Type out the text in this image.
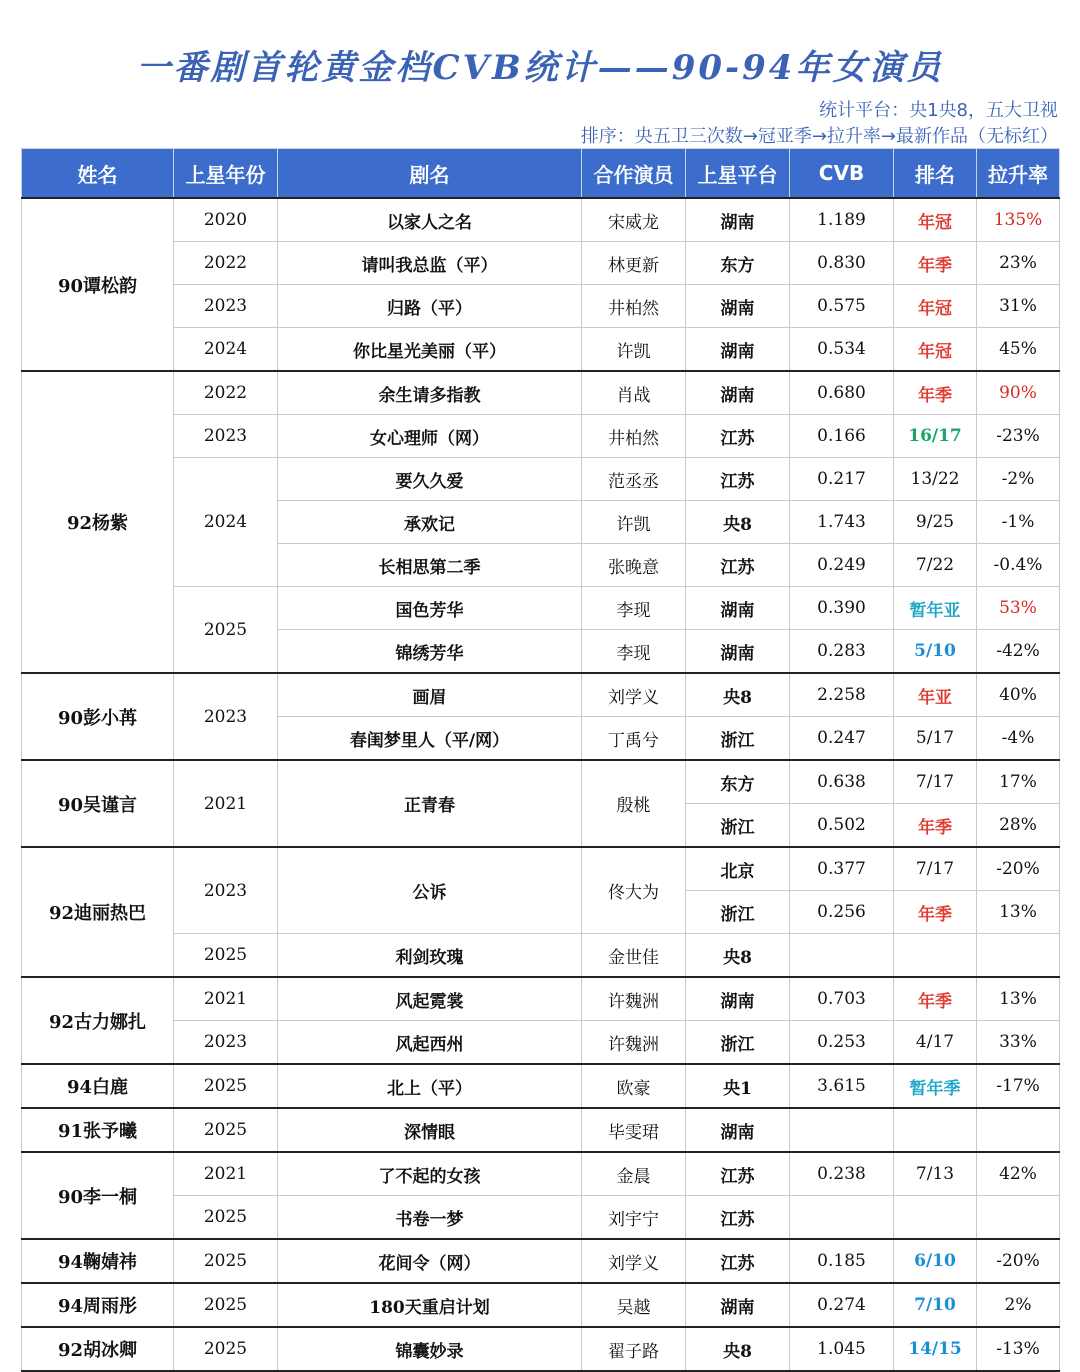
一番剧首轮黄金档CVB统计——90-94年女演员
统计平台：央1央8，五大卫视
排序：央五卫三次数→冠亚季→拉升率→最新作品（无标红）
姓名	上星年份	剧名	合作演员	上星平台	CVB	排名	拉升率
90谭松韵	2020	以家人之名	宋威龙	湖南	1.189	年冠	135%
	2022	请叫我总监（平）	林更新	东方	0.830	年季	23%
	2023	归路（平）	井柏然	湖南	0.575	年冠	31%
	2024	你比星光美丽（平）	许凯	湖南	0.534	年冠	45%
92杨紫	2022	余生请多指教	肖战	湖南	0.680	年季	90%
	2023	女心理师（网）	井柏然	江苏	0.166	16/17	-23%
	2024	要久久爱	范丞丞	江苏	0.217	13/22	-2%
		承欢记	许凯	央8	1.743	9/25	-1%
		长相思第二季	张晚意	江苏	0.249	7/22	-0.4%
	2025	国色芳华	李现	湖南	0.390	暂年亚	53%
		锦绣芳华	李现	湖南	0.283	5/10	-42%
90彭小苒	2023	画眉	刘学义	央8	2.258	年亚	40%
		春闺梦里人（平/网）	丁禹兮	浙江	0.247	5/17	-4%
90吴谨言	2021	正青春	殷桃	东方	0.638	7/17	17%
				浙江	0.502	年季	28%
92迪丽热巴	2023	公诉	佟大为	北京	0.377	7/17	-20%
				浙江	0.256	年季	13%
	2025	利剑玫瑰	金世佳	央8			
92古力娜扎	2021	风起霓裳	许魏洲	湖南	0.703	年季	13%
	2023	风起西州	许魏洲	浙江	0.253	4/17	33%
94白鹿	2025	北上（平）	欧豪	央1	3.615	暂年季	-17%
91张予曦	2025	深情眼	毕雯珺	湖南			
90李一桐	2021	了不起的女孩	金晨	江苏	0.238	7/13	42%
	2025	书卷一梦	刘宇宁	江苏			
94鞠婧祎	2025	花间令（网）	刘学义	江苏	0.185	6/10	-20%
94周雨彤	2025	180天重启计划	吴越	湖南	0.274	7/10	2%
92胡冰卿	2025	锦囊妙录	翟子路	央8	1.045	14/15	-13%
